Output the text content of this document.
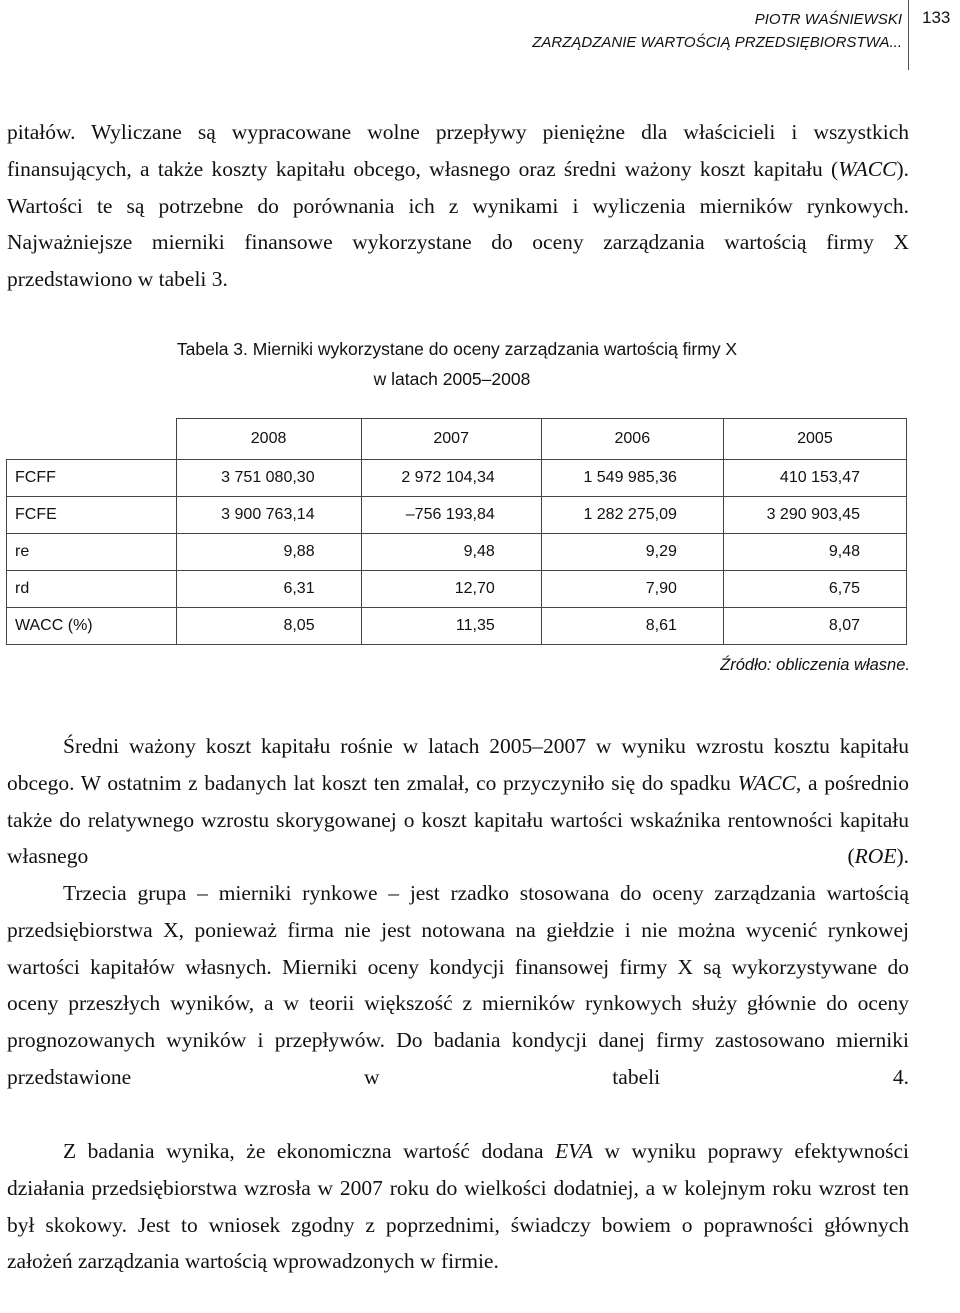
PIOTR WAŚNIEWSKI
ZARZĄDZANIE WARTOŚCIĄ PRZEDSIĘBIORSTWA...
133

pitałów. Wyliczane są wypracowane wolne przepływy pieniężne dla właścicieli i wszystkich finansujących, a także koszty kapitału obcego, własnego oraz średni ważony koszt kapitału (WACC). Wartości te są potrzebne do porównania ich z wynikami i wyliczenia mierników rynkowych. Najważniejsze mierniki finansowe wykorzystane do oceny zarządzania wartością firmy X przedstawiono w tabeli 3.

Tabela 3. Mierniki wykorzystane do oceny zarządzania wartością firmy X
w latach 2005–2008
	2008	2007	2006	2005
FCFF	3 751 080,30	2 972 104,34	1 549 985,36	410 153,47
FCFE	3 900 763,14	–756 193,84	1 282 275,09	3 290 903,45
re	9,88	9,48	9,29	9,48
rd	6,31	12,70	7,90	6,75
WACC (%)	8,05	11,35	8,61	8,07
Źródło: obliczenia własne.

Średni ważony koszt kapitału rośnie w latach 2005–2007 w wyniku wzrostu kosztu kapitału obcego. W ostatnim z badanych lat koszt ten zmalał, co przyczyniło się do spadku WACC, a pośrednio także do relatywnego wzrostu skorygowanej o koszt kapitału wartości wskaźnika rentowności kapitału własnego (ROE).

Trzecia grupa – mierniki rynkowe – jest rzadko stosowana do oceny zarządzania wartością przedsiębiorstwa X, ponieważ firma nie jest notowana na giełdzie i nie można wycenić rynkowej wartości kapitałów własnych. Mierniki oceny kondycji finansowej firmy X są wykorzystywane do oceny przeszłych wyników, a w teorii większość z mierników rynkowych służy głównie do oceny prognozowanych wyników i przepływów. Do badania kondycji danej firmy zastosowano mierniki przedstawione w tabeli 4.

Z badania wynika, że ekonomiczna wartość dodana EVA w wyniku poprawy efektywności działania przedsiębiorstwa wzrosła w 2007 roku do wielkości dodatniej, a w kolejnym roku wzrost ten był skokowy. Jest to wniosek zgodny z poprzednimi, świadczy bowiem o poprawności głównych założeń zarządzania wartością wprowadzonych w firmie.
